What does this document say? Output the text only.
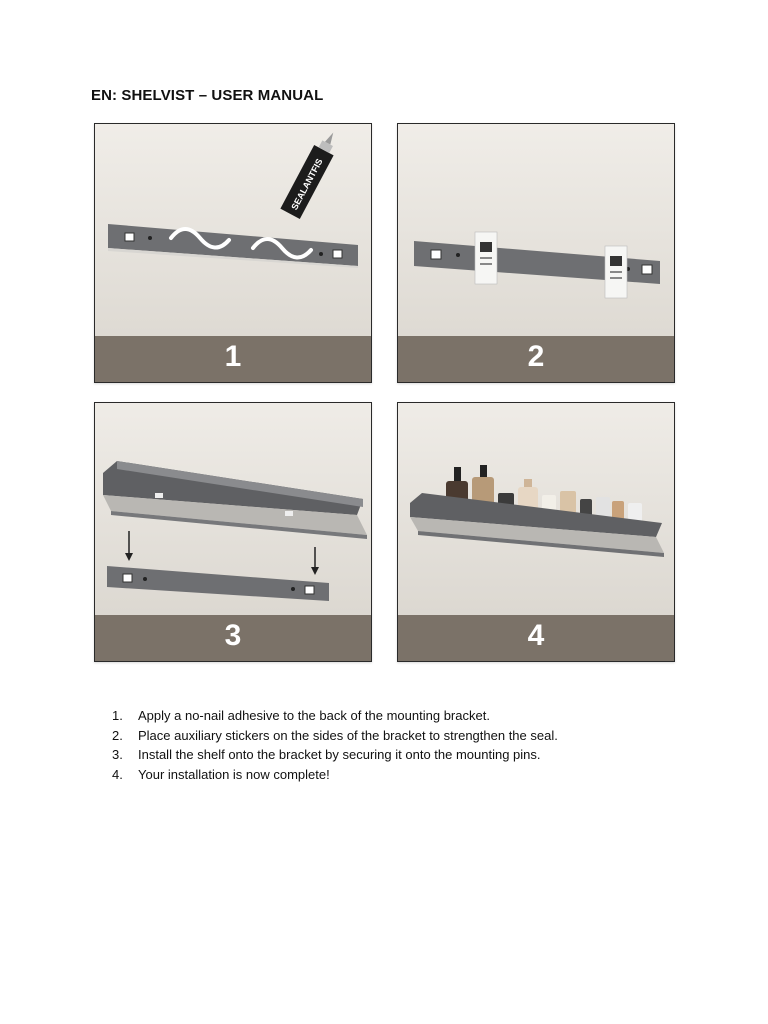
EN: SHELVIST – USER MANUAL
SEALANTFIS
1	2
3	4
1.	Apply a no-nail adhesive to the back of the mounting bracket.
2.	Place auxiliary stickers on the sides of the bracket to strengthen the seal.
3.	Install the shelf onto the bracket by securing it onto the mounting pins.
4.	Your installation is now complete!
